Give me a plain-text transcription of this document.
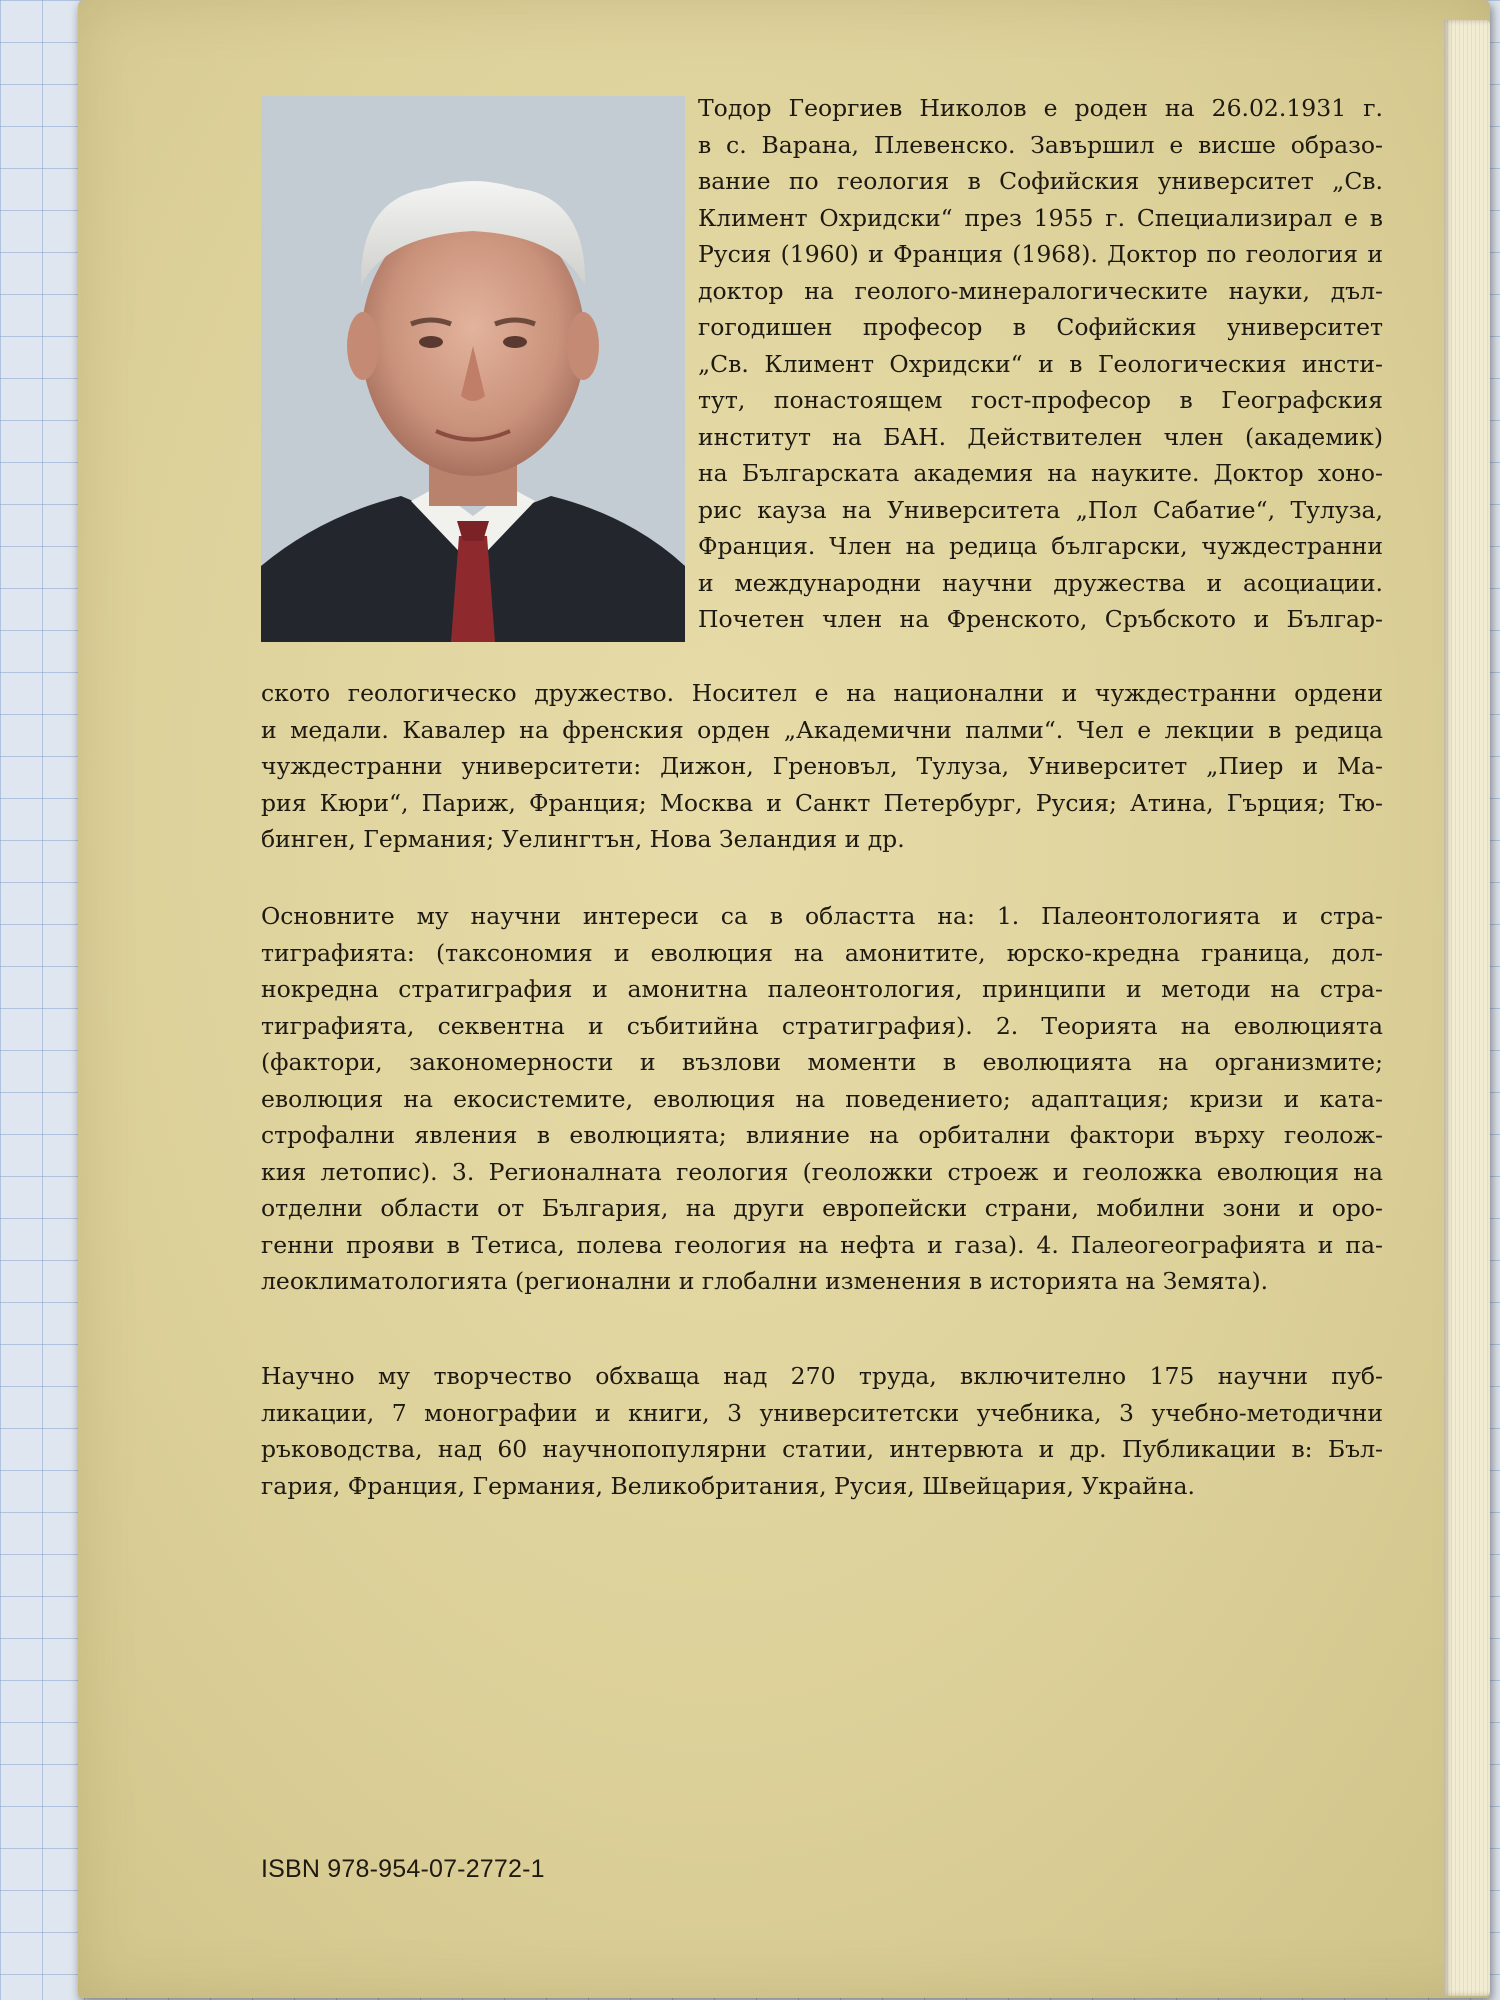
Тодор Георгиев Николов е роден на 26.02.1931 г.
в с. Варана, Плевенско. Завършил е висше образо-
вание по геология в Софийския университет „Св.
Климент Охридски“ през 1955 г. Специализирал е в
Русия (1960) и Франция (1968). Доктор по геология и
доктор на геолого-минералогическите науки, дъл-
гогодишен професор в Софийския университет
„Св. Климент Охридски“ и в Геологическия инсти-
тут, понастоящем гост-професор в Географския
институт на БАН. Действителен член (академик)
на Българската академия на науките. Доктор хоно-
рис кауза на Университета „Пол Сабатие“, Тулуза,
Франция. Член на редица български, чуждестранни
и международни научни дружества и асоциации.
Почетен член на Френското, Сръбското и Българ-
ското геологическо дружество. Носител е на национални и чуждестранни ордени
и медали. Кавалер на френския орден „Академични палми“. Чел е лекции в редица
чуждестранни университети: Дижон, Греновъл, Тулуза, Университет „Пиер и Ма-
рия Кюри“, Париж, Франция; Москва и Санкт Петербург, Русия; Атина, Гърция; Тю-
бинген, Германия; Уелингтън, Нова Зеландия и др.
Основните му научни интереси са в областта на: 1. Палеонтологията и стра-
тиграфията: (таксономия и еволюция на амонитите, юрско-кредна граница, дол-
нокредна стратиграфия и амонитна палеонтология, принципи и методи на стра-
тиграфията, секвентна и събитийна стратиграфия). 2. Теорията на еволюцията
(фактори, закономерности и възлови моменти в еволюцията на организмите;
еволюция на екосистемите, еволюция на поведението; адаптация; кризи и ката-
строфални явления в еволюцията; влияние на орбитални фактори върху геолож-
кия летопис). 3. Регионалната геология (геоложки строеж и геоложка еволюция на
отделни области от България, на други европейски страни, мобилни зони и оро-
генни прояви в Тетиса, полева геология на нефта и газа). 4. Палеогеографията и па-
леоклиматологията (регионални и глобални изменения в историята на Земята).
Научно му творчество обхваща над 270 труда, включително 175 научни пуб-
ликации, 7 монографии и книги, 3 университетски учебника, 3 учебно-методични
ръководства, над 60 научнопопулярни статии, интервюта и др. Публикации в: Бъл-
гария, Франция, Германия, Великобритания, Русия, Швейцария, Украйна.
ISBN 978-954-07-2772-1
